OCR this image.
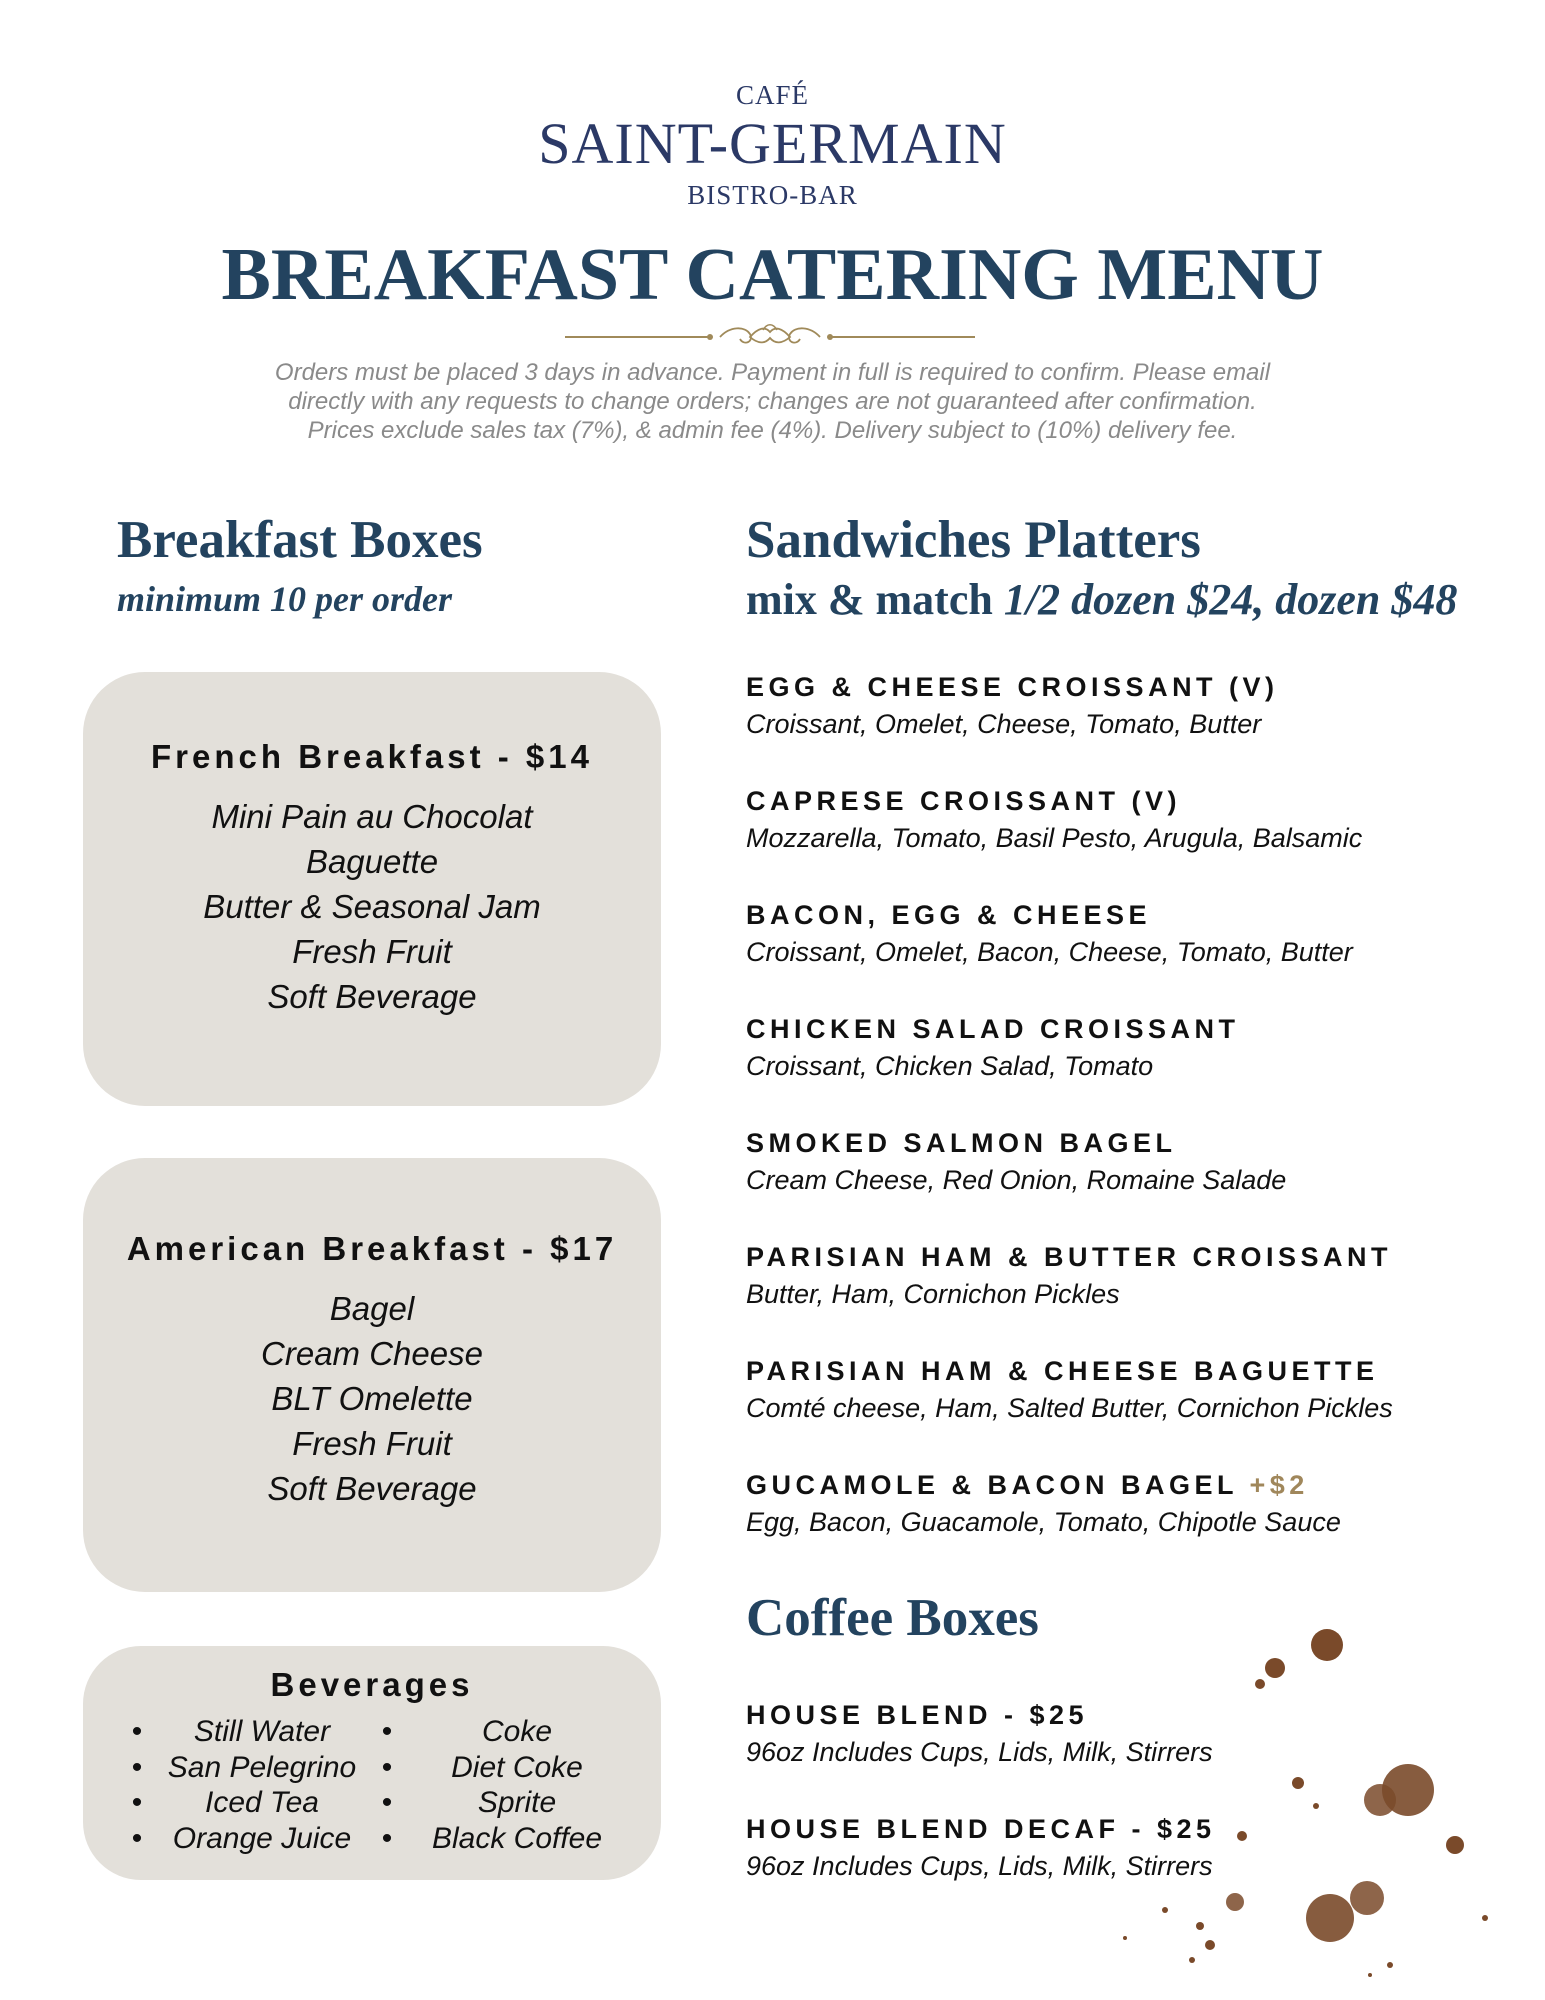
CAFÉ
SAINT-GERMAIN
BISTRO-BAR
BREAKFAST CATERING MENU
Orders must be placed 3 days in advance. Payment in full is required to confirm. Please email
directly with any requests to change orders; changes are not guaranteed after confirmation.
Prices exclude sales tax (7%), & admin fee (4%). Delivery subject to (10%) delivery fee.
Breakfast Boxes
minimum 10 per order
French Breakfast - $14
Mini Pain au Chocolat
Baguette
Butter & Seasonal Jam
Fresh Fruit
Soft Beverage
American Breakfast - $17
Bagel
Cream Cheese
BLT Omelette
Fresh Fruit
Soft Beverage
Beverages
•	Still Water	•	Coke
• San Pelegrino •	Diet Coke
•	Iced Tea	•	Sprite
•	Orange Juice	•	Black Coffee
Sandwiches Platters
mix & match 1/2 dozen $24, dozen $48
EGG & CHEESE CROISSANT (V)
Croissant, Omelet, Cheese, Tomato, Butter
CAPRESE CROISSANT (V)
Mozzarella, Tomato, Basil Pesto, Arugula, Balsamic
BACON, EGG & CHEESE
Croissant, Omelet, Bacon, Cheese, Tomato, Butter
CHICKEN SALAD CROISSANT
Croissant, Chicken Salad, Tomato
SMOKED SALMON BAGEL
Cream Cheese, Red Onion, Romaine Salade
PARISIAN HAM & BUTTER CROISSANT
Butter, Ham, Cornichon Pickles
PARISIAN HAM & CHEESE BAGUETTE
Comté cheese, Ham, Salted Butter, Cornichon Pickles
GUCAMOLE & BACON BAGEL +$2
Egg, Bacon, Guacamole, Tomato, Chipotle Sauce
Coffee Boxes
HOUSE BLEND - $25
96oz Includes Cups, Lids, Milk, Stirrers
HOUSE BLEND DECAF - $25
96oz Includes Cups, Lids, Milk, Stirrers
